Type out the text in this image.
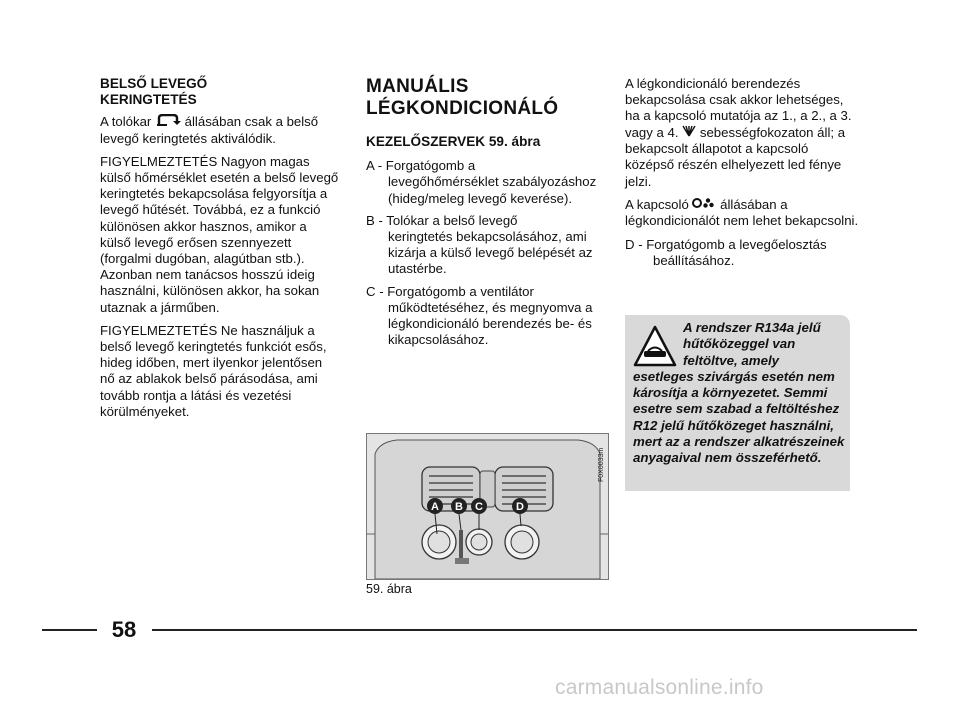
BELSŐ LEVEGŐ
KERINGTETÉS

A tolókar	állásában csak a belső levegő keringtetés aktiválódik.

FIGYELMEZTETÉS Nagyon magas külső hőmérséklet esetén a belső levegő keringtetés bekapcsolása felgyorsítja a levegő hűtését. Továbbá, ez a funkció különösen akkor hasznos, amikor a külső levegő erősen szennyezett (forgalmi dugóban, alagútban stb.). Azonban nem tanácsos hosszú ideig használni, különösen akkor, ha sokan utaznak a járműben.

FIGYELMEZTETÉS Ne használjuk a belső levegő keringtetés funkciót esős, hideg időben, mert ilyenkor jelentősen nő az ablakok belső párásodása, ami tovább rontja a látási és vezetési körülményeket.

MANUÁLIS
LÉGKONDICIONÁLÓ
KEZELŐSZERVEK 59. ábra
A - Forgatógomb a
levegőhőmérséklet szabályozáshoz (hideg/meleg levegő keverése).
B - Tolókar a belső levegő
keringtetés bekapcsolásához, ami kizárja a külső levegő belépését az utastérbe.
C - Forgatógomb a ventilátor
működtetéséhez, és megnyomva a légkondicionáló berendezés be- és kikapcsolásához.

A légkondicionáló berendezés bekapcsolása csak akkor lehetséges, ha a kapcsoló mutatója az 1., a 2., a 3. vagy a 4. sebességfokozaton áll; a bekapcsolt állapotot a kapcsoló középső részén elhelyezett led fénye jelzi.

A kapcsoló állásában a légkondicionálót nem lehet bekapcsolni.

D - Forgatógomb a levegőelosztás
beállításához.
A rendszer R134a jelű
hűtőközeggel van
feltöltve, amely
esetleges szivárgás esetén nem károsítja a környezetet. Semmi esetre sem szabad a feltöltéshez R12 jelű hűtőközeget használni, mert az a rendszer alkatrészeinek anyagaival nem összeférhető.
A B C	D
F0X0033m
59. ábra
58
carmanualsonline.info
